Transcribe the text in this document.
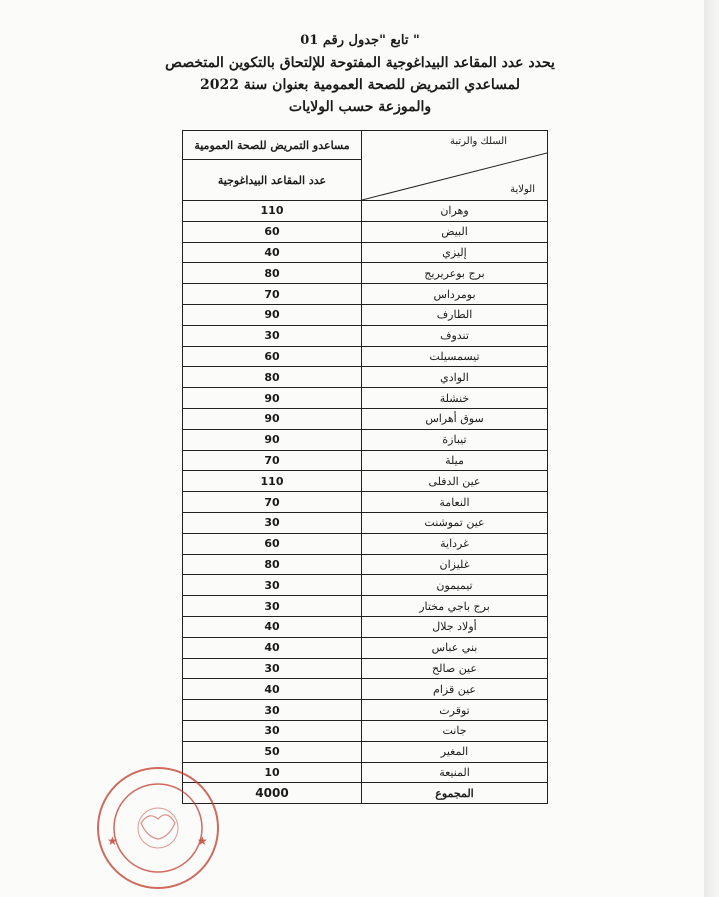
" تابع "جدول رقم 01
يحدد عدد المقاعد البيداغوجية المفتوحة للإلتحاق بالتكوين المتخصص
لمساعدي التمريض للصحة العمومية بعنوان سنة 2022
والموزعة حسب الولايات
مساعدو التمريض للصحة العمومية	السلك والرتبة
الولاية

عدد المقاعد البيداغوجية	
110	وهران
60	البيض
40	إليزي
80	برج بوعريريج
70	بومرداس
90	الطارف
30	تندوف
60	تيسمسيلت
80	الوادي
90	خنشلة
90	سوق أهراس
90	تيبازة
70	ميلة
110	عين الدفلى
70	النعامة
30	عين تموشنت
60	غرداية
80	غليزان
30	تيميمون
30	برج باجي مختار
40	أولاد جلال
40	بني عباس
30	عين صالح
40	عين قزام
30	توقرت
30	جانت
50	المغير
10	المنيعة
4000	المجموع
★	★
